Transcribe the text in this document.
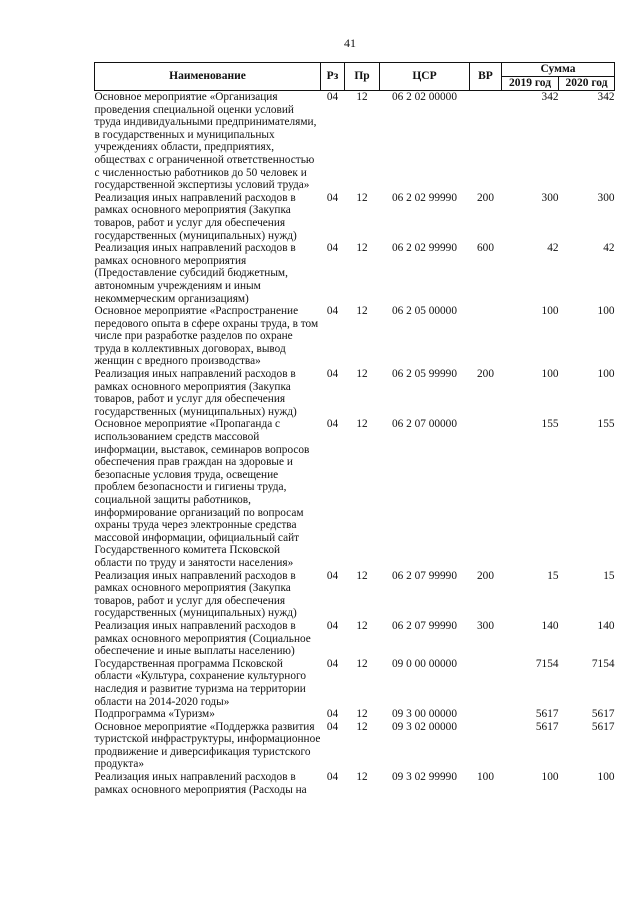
41
Наименование	Рз	Пр	ЦСР	ВР	Сумма	
					2019 год	2020 год
Основное мероприятие «Организация проведения специальной оценки условий труда индивидуальными предпринимателями, в государственных и муниципальных учреждениях области, предприятиях, обществах с ограниченной ответственностью с численностью работников до 50 человек и государственной экспертизы условий труда»	04	12	06 2 02 00000		342	342
Реализация иных направлений расходов в рамках основного мероприятия (Закупка товаров, работ и услуг для обеспечения государственных (муниципальных) нужд)	04	12	06 2 02 99990	200	300	300
Реализация иных направлений расходов в рамках основного мероприятия (Предоставление субсидий бюджетным, автономным учреждениям и иным некоммерческим организациям)	04	12	06 2 02 99990	600	42	42
Основное мероприятие «Распространение передового опыта в сфере охраны труда, в том числе при разработке разделов по охране труда в коллективных договорах, вывод женщин с вредного производства»	04	12	06 2 05 00000		100	100
Реализация иных направлений расходов в рамках основного мероприятия (Закупка товаров, работ и услуг для обеспечения государственных (муниципальных) нужд)	04	12	06 2 05 99990	200	100	100
Основное мероприятие «Пропаганда с использованием средств массовой информации, выставок, семинаров вопросов обеспечения прав граждан на здоровые и безопасные условия труда, освещение проблем безопасности и гигиены труда, социальной защиты работников, информирование организаций по вопросам охраны труда через электронные средства массовой информации, официальный сайт Государственного комитета Псковской области по труду и занятости населения»	04	12	06 2 07 00000		155	155
Реализация иных направлений расходов в рамках основного мероприятия (Закупка товаров, работ и услуг для обеспечения государственных (муниципальных) нужд)	04	12	06 2 07 99990	200	15	15
Реализация иных направлений расходов в рамках основного мероприятия (Социальное обеспечение и иные выплаты населению)	04	12	06 2 07 99990	300	140	140
Государственная программа Псковской области «Культура, сохранение культурного наследия и развитие туризма на территории области на 2014-2020 годы»	04	12	09 0 00 00000		7154	7154
Подпрограмма «Туризм»	04	12	09 3 00 00000		5617	5617
Основное мероприятие «Поддержка развития туристской инфраструктуры, информационное продвижение и диверсификация туристского продукта»	04	12	09 3 02 00000		5617	5617
Реализация иных направлений расходов в рамках основного мероприятия (Расходы на	04	12	09 3 02 99990	100	100	100
